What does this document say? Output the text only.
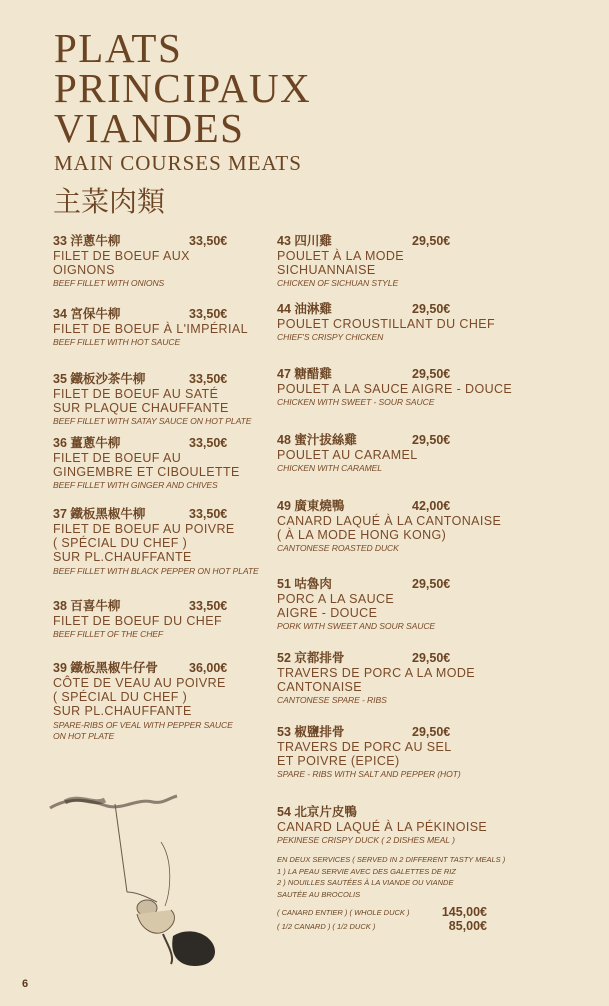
PLATS
PRINCIPAUX
VIANDES
MAIN COURSES MEATS
主菜肉類
33 洋蔥牛柳	33,50€
FILET DE BOEUF AUX
OIGNONS
BEEF FILLET WITH ONIONS
34 宮保牛柳	33,50€
FILET DE BOEUF À L'IMPÉRIAL
BEEF FILLET WITH HOT SAUCE
35 鐵板沙茶牛柳	33,50€
FILET DE BOEUF AU SATÉ
SUR PLAQUE CHAUFFANTE
BEEF FILLET WITH SATAY SAUCE ON HOT PLATE
36 薑蔥牛柳	33,50€
FILET DE BOEUF AU
GINGEMBRE ET CIBOULETTE
BEEF FILLET WITH GINGER AND CHIVES
37 鐵板黑椒牛柳	33,50€
FILET DE BOEUF AU POIVRE
( SPÉCIAL DU CHEF )
SUR PL.CHAUFFANTE
BEEF FILLET WITH BLACK PEPPER ON HOT PLATE
38 百喜牛柳	33,50€
FILET DE BOEUF DU CHEF
BEEF FILLET OF THE CHEF
39 鐵板黑椒牛仔骨	36,00€
CÔTE DE VEAU AU POIVRE
( SPÉCIAL DU CHEF )
SUR PL.CHAUFFANTE
SPARE-RIBS OF VEAL WITH PEPPER SAUCE
ON HOT PLATE
43 四川雞	29,50€
POULET À LA MODE
SICHUANNAISE
CHICKEN OF SICHUAN STYLE
44 油淋雞	29,50€
POULET CROUSTILLANT DU CHEF
CHIEF'S CRISPY CHICKEN
47 糖醋雞	29,50€
POULET A LA SAUCE AIGRE - DOUCE
CHICKEN WITH SWEET - SOUR SAUCE
48 蜜汁拔絲雞	29,50€
POULET AU CARAMEL
CHICKEN WITH CARAMEL
49 廣東燒鴨	42,00€
CANARD LAQUÉ À LA CANTONAISE
( À LA MODE HONG KONG)
CANTONESE ROASTED DUCK
51 咕魯肉	29,50€
PORC A LA SAUCE
AIGRE - DOUCE
PORK WITH SWEET AND SOUR SAUCE
52 京都排骨	29,50€
TRAVERS DE PORC A LA MODE
CANTONAISE
CANTONESE SPARE - RIBS
53 椒鹽排骨	29,50€
TRAVERS DE PORC AU SEL
ET POIVRE (EPICE)
SPARE - RIBS WITH SALT AND PEPPER (HOT)
54 北京片皮鴨
CANARD LAQUÉ À LA PÉKINOISE
PEKINESE CRISPY DUCK ( 2 DISHES MEAL )
EN DEUX SERVICES ( SERVED IN 2 DIFFERENT TASTY MEALS )
1 ) LA PEAU SERVIE AVEC DES GALETTES DE RIZ
2 ) NOUILLES SAUTÉES À LA VIANDE OU VIANDE
SAUTÉE AU BROCOLIS
( CANARD ENTIER ) ( WHOLE DUCK )	145,00€
( 1/2 CANARD ) ( 1/2 DUCK )	85,00€
6
